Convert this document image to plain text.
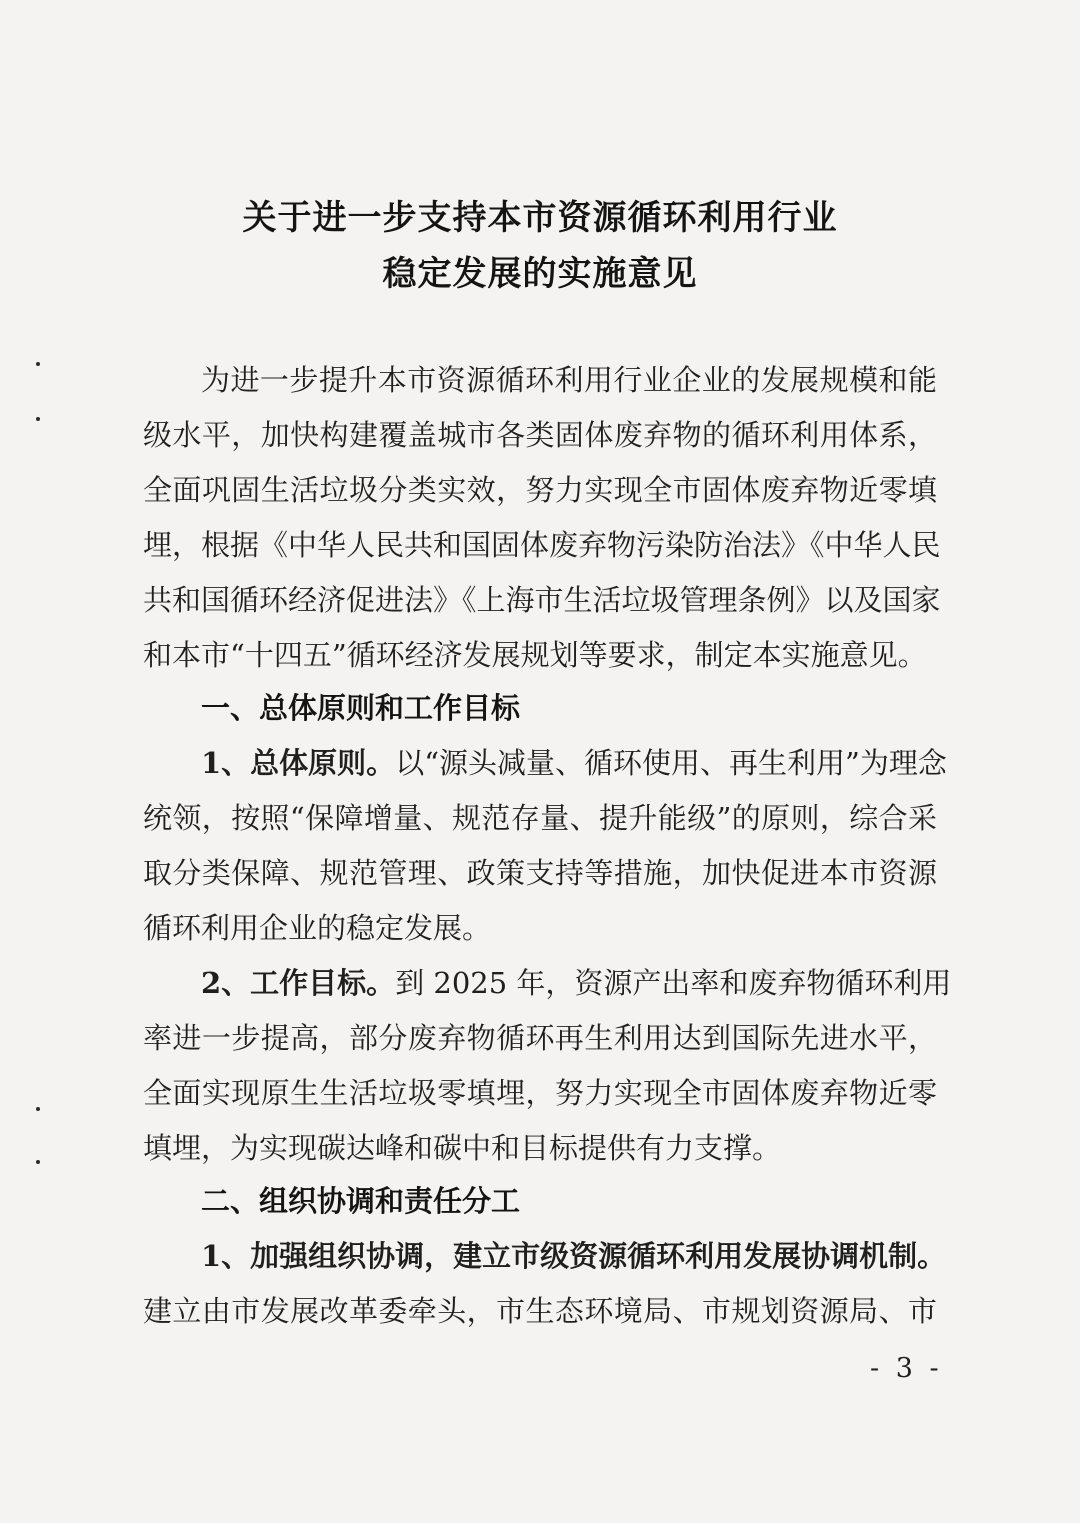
关于进一步支持本市资源循环利用行业
稳定发展的实施意见
为进一步提升本市资源循环利用行业企业的发展规模和能
级水平，加快构建覆盖城市各类固体废弃物的循环利用体系，
全面巩固生活垃圾分类实效，努力实现全市固体废弃物近零填
埋，根据《中华人民共和国固体废弃物污染防治法》《中华人民
共和国循环经济促进法》《上海市生活垃圾管理条例》以及国家
和本市“十四五”循环经济发展规划等要求，制定本实施意见。
一、总体原则和工作目标
1、总体原则。以“源头减量、循环使用、再生利用”为理念
统领，按照“保障增量、规范存量、提升能级”的原则，综合采
取分类保障、规范管理、政策支持等措施，加快促进本市资源
循环利用企业的稳定发展。
2、工作目标。到 2025 年，资源产出率和废弃物循环利用
率进一步提高，部分废弃物循环再生利用达到国际先进水平，
全面实现原生生活垃圾零填埋，努力实现全市固体废弃物近零
填埋，为实现碳达峰和碳中和目标提供有力支撑。
二、组织协调和责任分工
1、加强组织协调，建立市级资源循环利用发展协调机制。
建立由市发展改革委牵头，市生态环境局、市规划资源局、市
- 3 -
